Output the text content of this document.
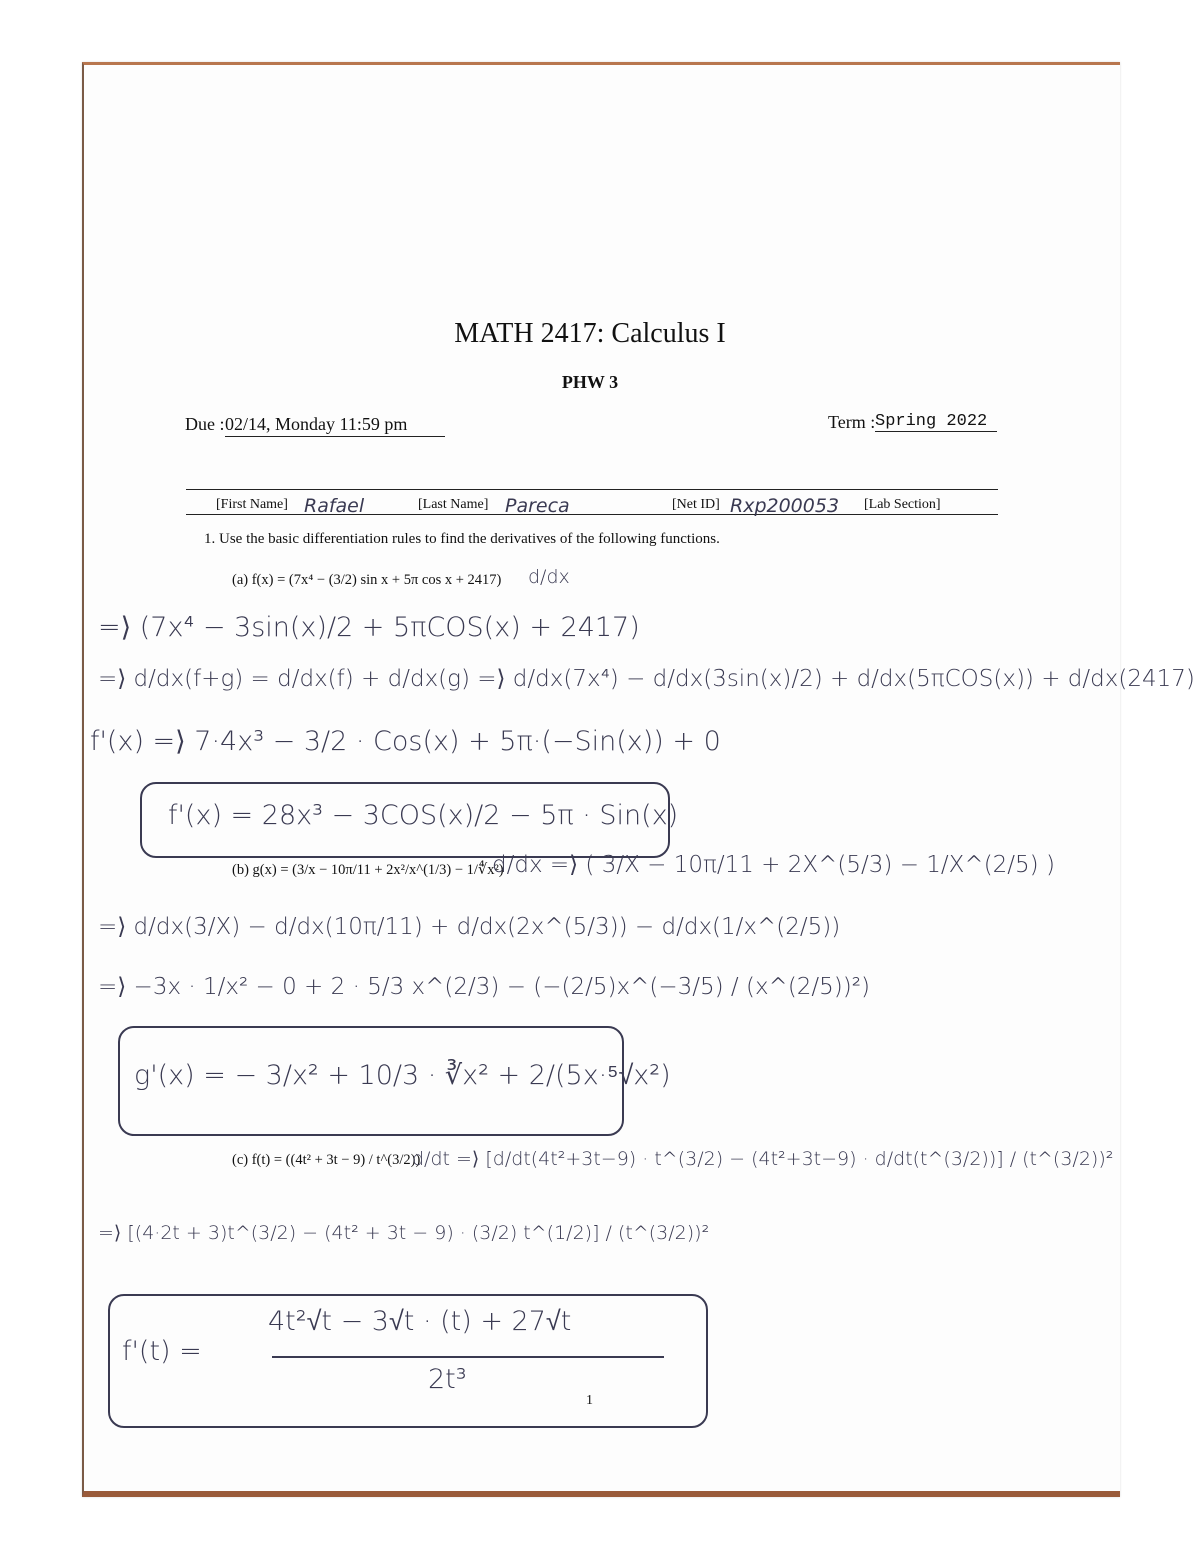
MATH 2417: Calculus I
PHW 3
Due : 02/14, Monday 11:59 pm	Term : Spring 2022
[First Name] Rafael	[Last Name] Pareca	[Net ID] Rxp200053 [Lab Section]
1. Use the basic differentiation rules to find the derivatives of the following functions.
(a) f(x) = (7x⁴ − (3/2) sin x + 5π cos x + 2417) d/dx
=⟩ (7x⁴ − 3sin(x)/2 + 5πCOS(x) + 2417)
=⟩ d/dx(f+g) = d/dx(f) + d/dx(g) =⟩ d/dx(7x⁴) − d/dx(3sin(x)/2) + d/dx(5πCOS(x)) + d/dx(2417)
f'(x) =⟩ 7·4x³ − 3/2 · Cos(x) + 5π·(−Sin(x)) + 0
f'(x) = 28x³ − 3COS(x)/2 − 5π · Sin(x)
(b) g(x) = (3/x − 10π/11 + 2x²/x^(1/3) − 1/∜x²)
d/dx =⟩ ( 3/X − 10π/11 + 2X^(5/3) − 1/X^(2/5) )
=⟩ d/dx(3/X) − d/dx(10π/11) + d/dx(2x^(5/3)) − d/dx(1/x^(2/5))
=⟩ −3x · 1/x² − 0 + 2 · 5/3 x^(2/3) − (−(2/5)x^(−3/5) / (x^(2/5))²)
g'(x) = − 3/x² + 10/3 · ∛x² + 2/(5x·⁵√x²)
(c) f(t) = ((4t² + 3t − 9) / t^(3/2))
d/dt =⟩ [d/dt(4t²+3t−9) · t^(3/2) − (4t²+3t−9) · d/dt(t^(3/2))] / (t^(3/2))²
=⟩ [(4·2t + 3)t^(3/2) − (4t² + 3t − 9) · (3/2) t^(1/2)] / (t^(3/2))²
f'(t) =
4t²√t − 3√t · (t) + 27√t
2t³
1
